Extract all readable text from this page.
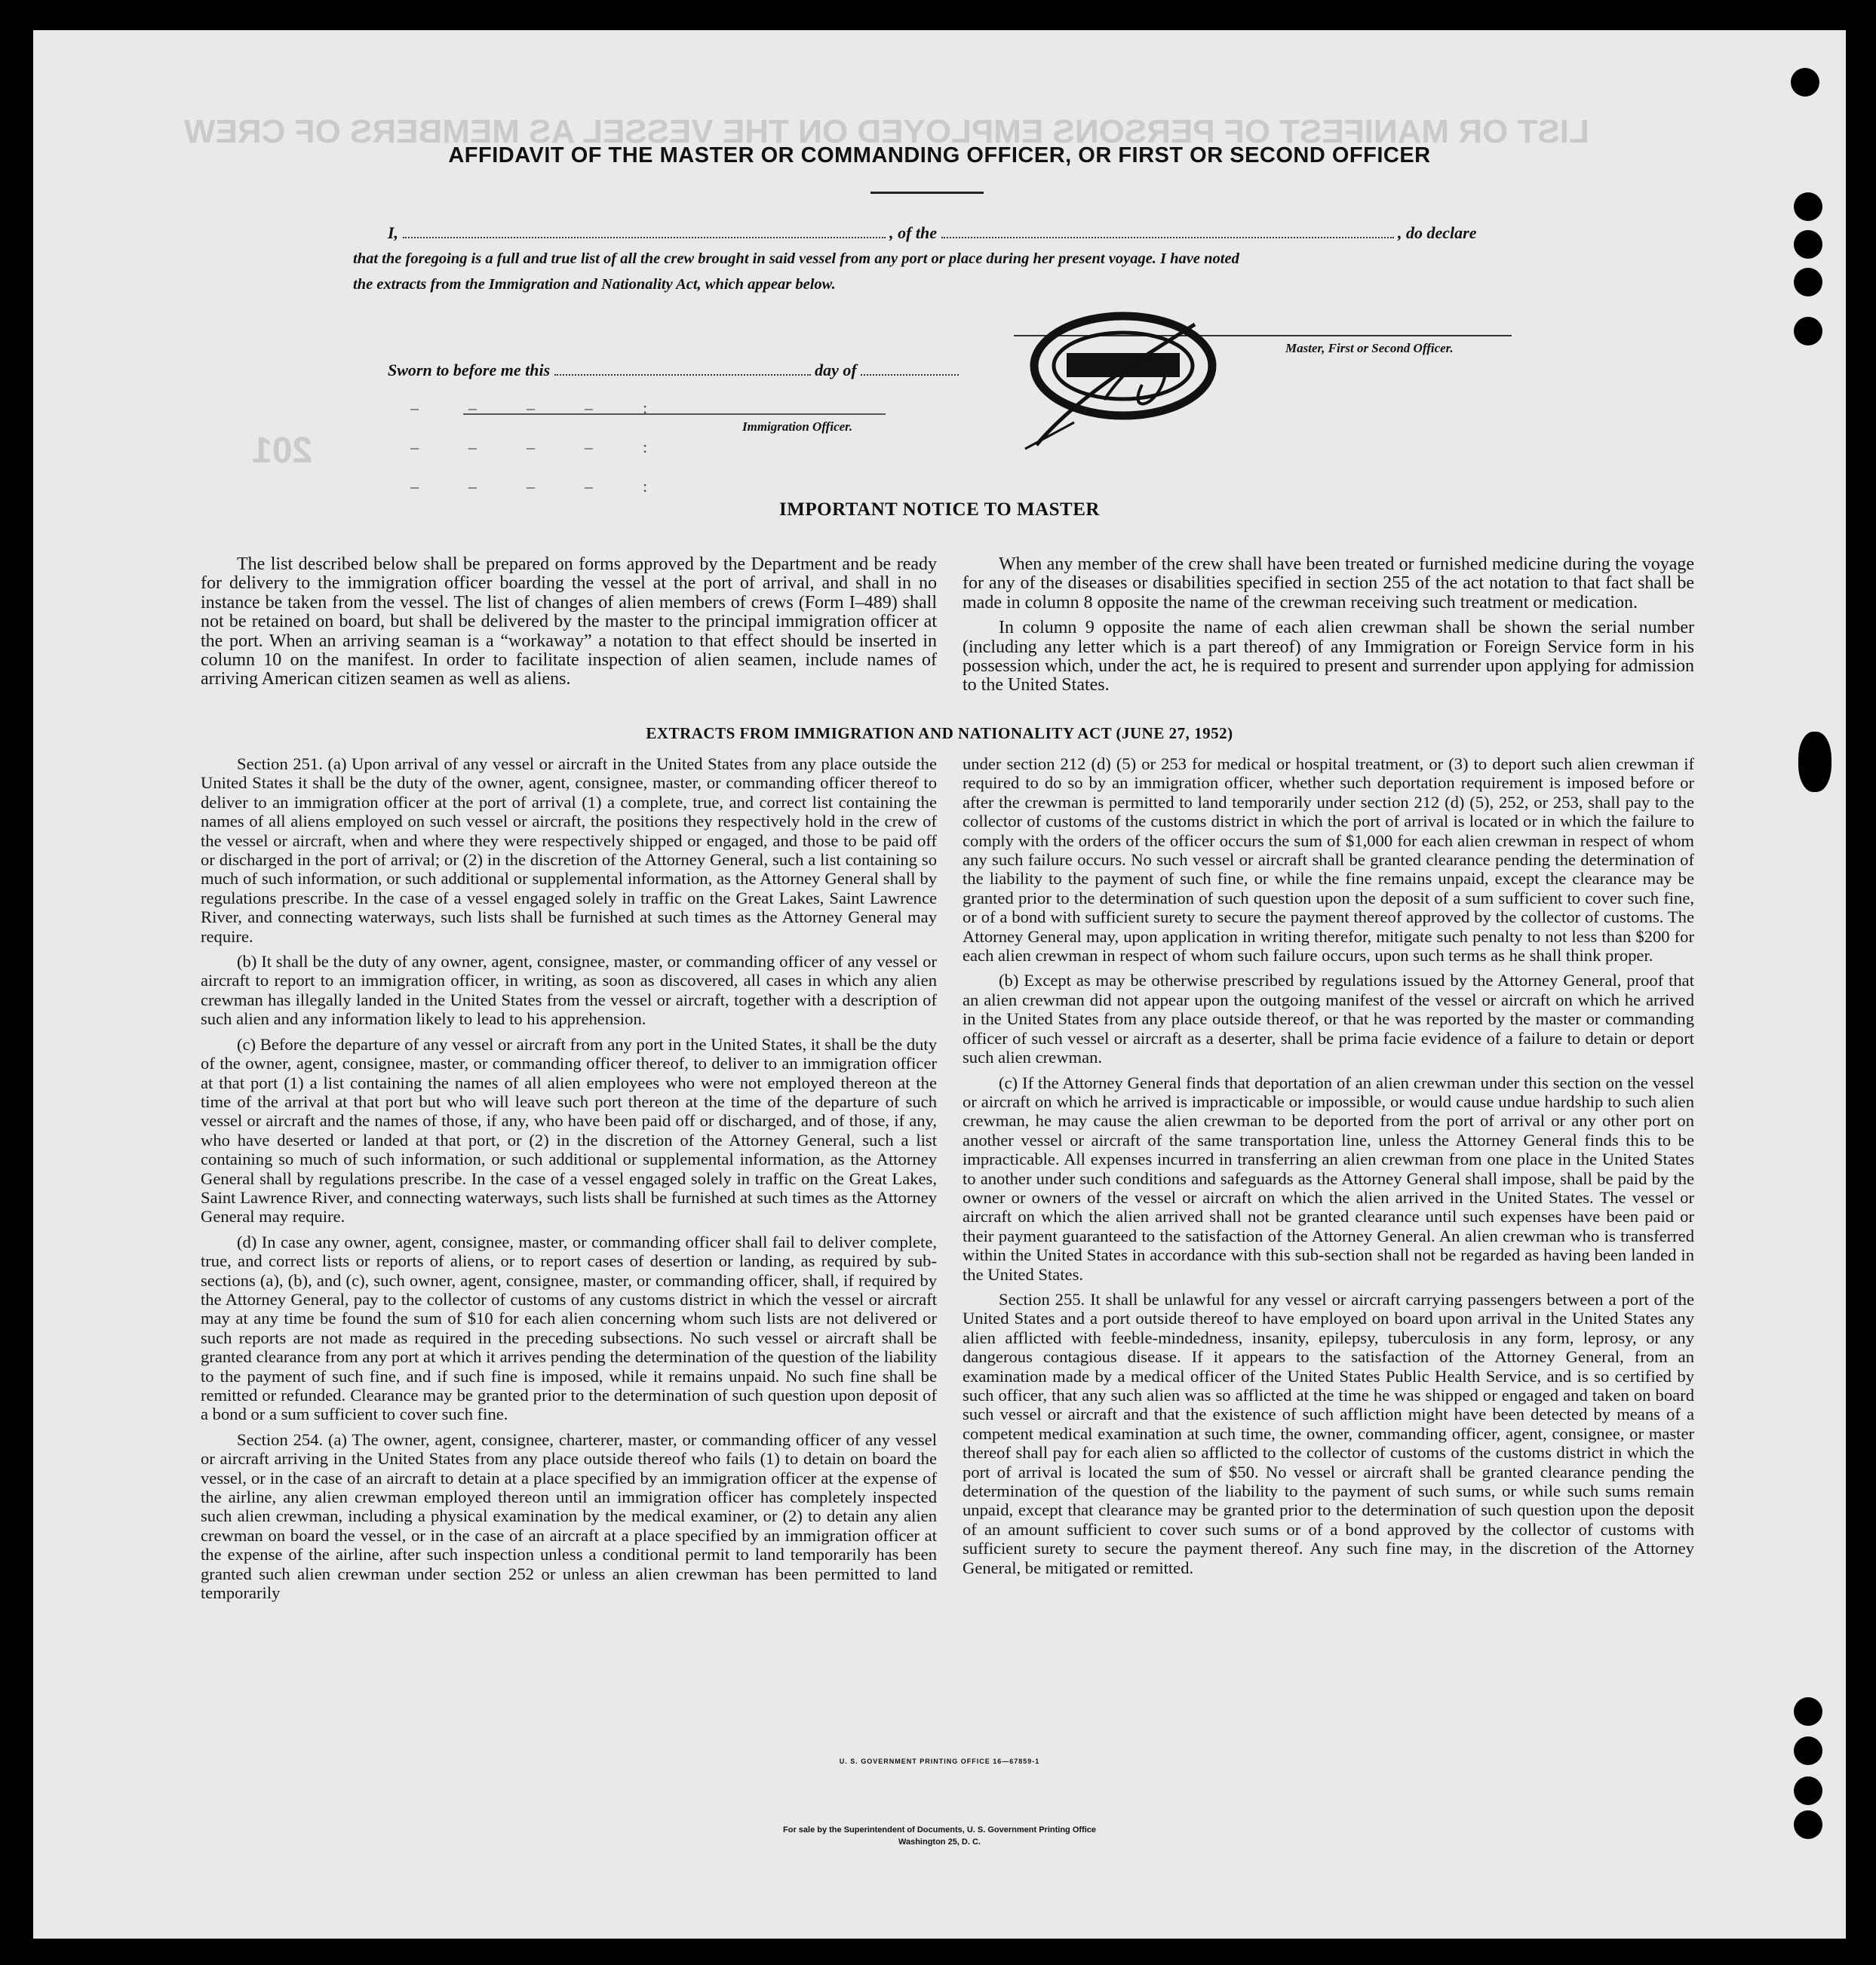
LIST OR MANIFEST OF PERSONS EMPLOYED ON THE VESSEL AS MEMBERS OF CREW
201
AFFIDAVIT OF THE MASTER OR COMMANDING OFFICER, OR FIRST OR SECOND OFFICER
I,	, of the	, do declare
that the foregoing is a full and true list of all the crew brought in said vessel from any port or place during her present voyage. I have noted
the extracts from the Immigration and Nationality Act, which appear below.
Master, First or Second Officer.
Sworn to before me this	day of
Immigration Officer.
–            –            –            –            :
–            –            –            –            :
–            –            –            –            :
IMPORTANT NOTICE TO MASTER

The list described below shall be prepared on forms approved by the Department and be ready for delivery to the immigration officer boarding the vessel at the port of arrival, and shall in no instance be taken from the vessel. The list of changes of alien members of crews (Form I–489) shall not be retained on board, but shall be delivered by the master to the principal immigration officer at the port. When an arriving seaman is a “workaway” a notation to that effect should be inserted in column 10 on the manifest. In order to facilitate inspection of alien seamen, include names of arriving American citizen seamen as well as aliens.

When any member of the crew shall have been treated or furnished medicine during the voyage for any of the diseases or disabilities specified in section 255 of the act notation to that fact shall be made in column 8 opposite the name of the crewman receiving such treatment or medication.

In column 9 opposite the name of each alien crewman shall be shown the serial number (including any letter which is a part thereof) of any Immigration or Foreign Service form in his possession which, under the act, he is required to present and surrender upon applying for admission to the United States.

EXTRACTS FROM IMMIGRATION AND NATIONALITY ACT (JUNE 27, 1952)

Section 251. (a) Upon arrival of any vessel or aircraft in the United States from any place outside the United States it shall be the duty of the owner, agent, consignee, master, or commanding officer thereof to deliver to an immigration officer at the port of arrival (1) a complete, true, and correct list containing the names of all aliens employed on such vessel or aircraft, the positions they respectively hold in the crew of the vessel or aircraft, when and where they were respectively shipped or engaged, and those to be paid off or discharged in the port of arrival; or (2) in the discretion of the Attorney General, such a list containing so much of such information, or such additional or supplemental information, as the Attorney General shall by regulations prescribe. In the case of a vessel engaged solely in traffic on the Great Lakes, Saint Lawrence River, and connecting waterways, such lists shall be furnished at such times as the Attorney General may require.

(b) It shall be the duty of any owner, agent, consignee, master, or commanding officer of any vessel or aircraft to report to an immigration officer, in writing, as soon as discovered, all cases in which any alien crewman has illegally landed in the United States from the vessel or aircraft, together with a description of such alien and any information likely to lead to his apprehension.

(c) Before the departure of any vessel or aircraft from any port in the United States, it shall be the duty of the owner, agent, consignee, master, or commanding officer thereof, to deliver to an immigration officer at that port (1) a list containing the names of all alien employees who were not employed thereon at the time of the arrival at that port but who will leave such port thereon at the time of the departure of such vessel or aircraft and the names of those, if any, who have been paid off or discharged, and of those, if any, who have deserted or landed at that port, or (2) in the discretion of the Attorney General, such a list containing so much of such information, or such additional or supplemental information, as the Attorney General shall by regulations prescribe. In the case of a vessel engaged solely in traffic on the Great Lakes, Saint Lawrence River, and connecting waterways, such lists shall be furnished at such times as the Attorney General may require.

(d) In case any owner, agent, consignee, master, or commanding officer shall fail to deliver complete, true, and correct lists or reports of aliens, or to report cases of desertion or landing, as required by sub-sections (a), (b), and (c), such owner, agent, consignee, master, or commanding officer, shall, if required by the Attorney General, pay to the collector of customs of any customs district in which the vessel or aircraft may at any time be found the sum of $10 for each alien concerning whom such lists are not delivered or such reports are not made as required in the preceding subsections. No such vessel or aircraft shall be granted clearance from any port at which it arrives pending the determination of the question of the liability to the payment of such fine, and if such fine is imposed, while it remains unpaid. No such fine shall be remitted or refunded. Clearance may be granted prior to the determination of such question upon deposit of a bond or a sum sufficient to cover such fine.

Section 254. (a) The owner, agent, consignee, charterer, master, or commanding officer of any vessel or aircraft arriving in the United States from any place outside thereof who fails (1) to detain on board the vessel, or in the case of an aircraft to detain at a place specified by an immigration officer at the expense of the airline, any alien crewman employed thereon until an immigration officer has completely inspected such alien crewman, including a physical examination by the medical examiner, or (2) to detain any alien crewman on board the vessel, or in the case of an aircraft at a place specified by an immigration officer at the expense of the airline, after such inspection unless a conditional permit to land temporarily has been granted such alien crewman under section 252 or unless an alien crewman has been permitted to land temporarily

under section 212 (d) (5) or 253 for medical or hospital treatment, or (3) to deport such alien crewman if required to do so by an immigration officer, whether such deportation requirement is imposed before or after the crewman is permitted to land temporarily under section 212 (d) (5), 252, or 253, shall pay to the collector of customs of the customs district in which the port of arrival is located or in which the failure to comply with the orders of the officer occurs the sum of $1,000 for each alien crewman in respect of whom any such failure occurs. No such vessel or aircraft shall be granted clearance pending the determination of the liability to the payment of such fine, or while the fine remains unpaid, except the clearance may be granted prior to the determination of such question upon the deposit of a sum sufficient to cover such fine, or of a bond with sufficient surety to secure the payment thereof approved by the collector of customs. The Attorney General may, upon application in writing therefor, mitigate such penalty to not less than $200 for each alien crewman in respect of whom such failure occurs, upon such terms as he shall think proper.

(b) Except as may be otherwise prescribed by regulations issued by the Attorney General, proof that an alien crewman did not appear upon the outgoing manifest of the vessel or aircraft on which he arrived in the United States from any place outside thereof, or that he was reported by the master or commanding officer of such vessel or aircraft as a deserter, shall be prima facie evidence of a failure to detain or deport such alien crewman.

(c) If the Attorney General finds that deportation of an alien crewman under this section on the vessel or aircraft on which he arrived is impracticable or impossible, or would cause undue hardship to such alien crewman, he may cause the alien crewman to be deported from the port of arrival or any other port on another vessel or aircraft of the same transportation line, unless the Attorney General finds this to be impracticable. All expenses incurred in transferring an alien crewman from one place in the United States to another under such conditions and safeguards as the Attorney General shall impose, shall be paid by the owner or owners of the vessel or aircraft on which the alien arrived in the United States. The vessel or aircraft on which the alien arrived shall not be granted clearance until such expenses have been paid or their payment guaranteed to the satisfaction of the Attorney General. An alien crewman who is transferred within the United States in accordance with this sub-section shall not be regarded as having been landed in the United States.

Section 255. It shall be unlawful for any vessel or aircraft carrying passengers between a port of the United States and a port outside thereof to have employed on board upon arrival in the United States any alien afflicted with feeble-mindedness, insanity, epilepsy, tuberculosis in any form, leprosy, or any dangerous contagious disease. If it appears to the satisfaction of the Attorney General, from an examination made by a medical officer of the United States Public Health Service, and is so certified by such officer, that any such alien was so afflicted at the time he was shipped or engaged and taken on board such vessel or aircraft and that the existence of such affliction might have been detected by means of a competent medical examination at such time, the owner, commanding officer, agent, consignee, or master thereof shall pay for each alien so afflicted to the collector of customs of the customs district in which the port of arrival is located the sum of $50. No vessel or aircraft shall be granted clearance pending the determination of the question of the liability to the payment of such sums, or while such sums remain unpaid, except that clearance may be granted prior to the determination of such question upon the deposit of an amount sufficient to cover such sums or of a bond approved by the collector of customs with sufficient surety to secure the payment thereof. Any such fine may, in the discretion of the Attorney General, be mitigated or remitted.

U. S. GOVERNMENT PRINTING OFFICE 16—67859-1
For sale by the Superintendent of Documents, U. S. Government Printing Office
Washington 25, D. C.
